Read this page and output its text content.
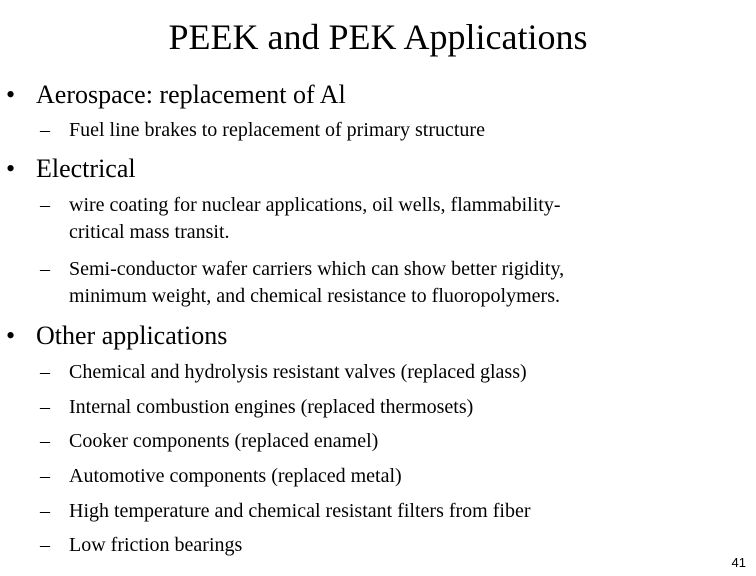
PEEK and PEK Applications
• Aerospace: replacement of Al
– Fuel line brakes to replacement of primary structure
• Electrical
– wire coating for nuclear applications, oil wells, flammability-
critical mass transit.
– Semi-conductor wafer carriers which can show better rigidity,
minimum weight, and chemical resistance to fluoropolymers.
• Other applications
– Chemical and hydrolysis resistant valves (replaced glass)
– Internal combustion engines (replaced thermosets)
– Cooker components (replaced enamel)
– Automotive components (replaced metal)
– High temperature and chemical resistant filters from fiber
– Low friction bearings
41
